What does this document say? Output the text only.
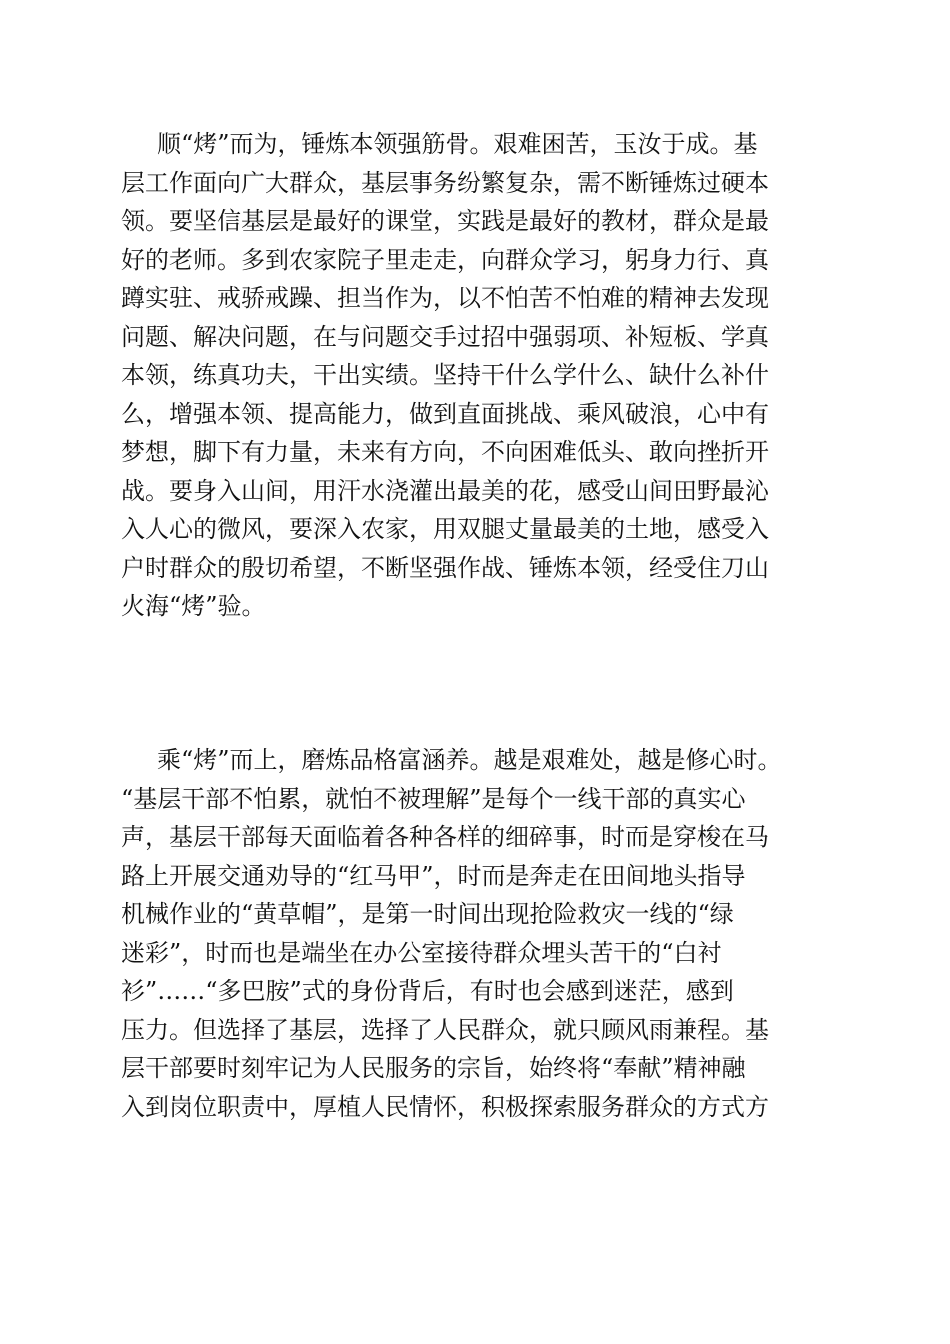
顺“烤”而为，锤炼本领强筋骨。艰难困苦，玉汝于成。基
层工作面向广大群众，基层事务纷繁复杂，需不断锤炼过硬本
领。要坚信基层是最好的课堂，实践是最好的教材，群众是最
好的老师。多到农家院子里走走，向群众学习，躬身力行、真
蹲实驻、戒骄戒躁、担当作为，以不怕苦不怕难的精神去发现
问题、解决问题，在与问题交手过招中强弱项、补短板、学真
本领，练真功夫，干出实绩。坚持干什么学什么、缺什么补什
么，增强本领、提高能力，做到直面挑战、乘风破浪，心中有
梦想，脚下有力量，未来有方向，不向困难低头、敢向挫折开
战。要身入山间，用汗水浇灌出最美的花，感受山间田野最沁
入人心的微风，要深入农家，用双腿丈量最美的土地，感受入
户时群众的殷切希望，不断坚强作战、锤炼本领，经受住刀山
火海“烤”验。
乘“烤”而上，磨炼品格富涵养。越是艰难处，越是修心时。
“基层干部不怕累，就怕不被理解”是每个一线干部的真实心
声，基层干部每天面临着各种各样的细碎事，时而是穿梭在马
路上开展交通劝导的“红马甲”，时而是奔走在田间地头指导
机械作业的“黄草帽”，是第一时间出现抢险救灾一线的“绿
迷彩”，时而也是端坐在办公室接待群众埋头苦干的“白衬
衫”……“多巴胺”式的身份背后，有时也会感到迷茫，感到
压力。但选择了基层，选择了人民群众，就只顾风雨兼程。基
层干部要时刻牢记为人民服务的宗旨，始终将“奉献”精神融
入到岗位职责中，厚植人民情怀，积极探索服务群众的方式方
